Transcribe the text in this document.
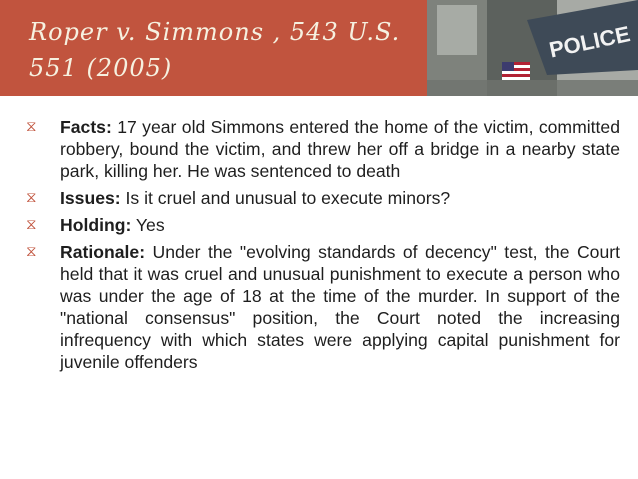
Roper v. Simmons , 543 U.S. 551 (2005)
POLICE
⧖	Facts: 17 year old Simmons entered the home of the victim, committed robbery, bound the victim, and threw her off a bridge in a nearby state park, killing her. He was sentenced to death
⧖	Issues: Is it cruel and unusual to execute minors?
⧖	Holding: Yes
⧖	Rationale: Under the "evolving standards of decency" test, the Court held that it was cruel and unusual punishment to execute a person who was under the age of 18 at the time of the murder. In support of the "national consensus" position, the Court noted the increasing infrequency with which states were applying capital punishment for juvenile offenders
